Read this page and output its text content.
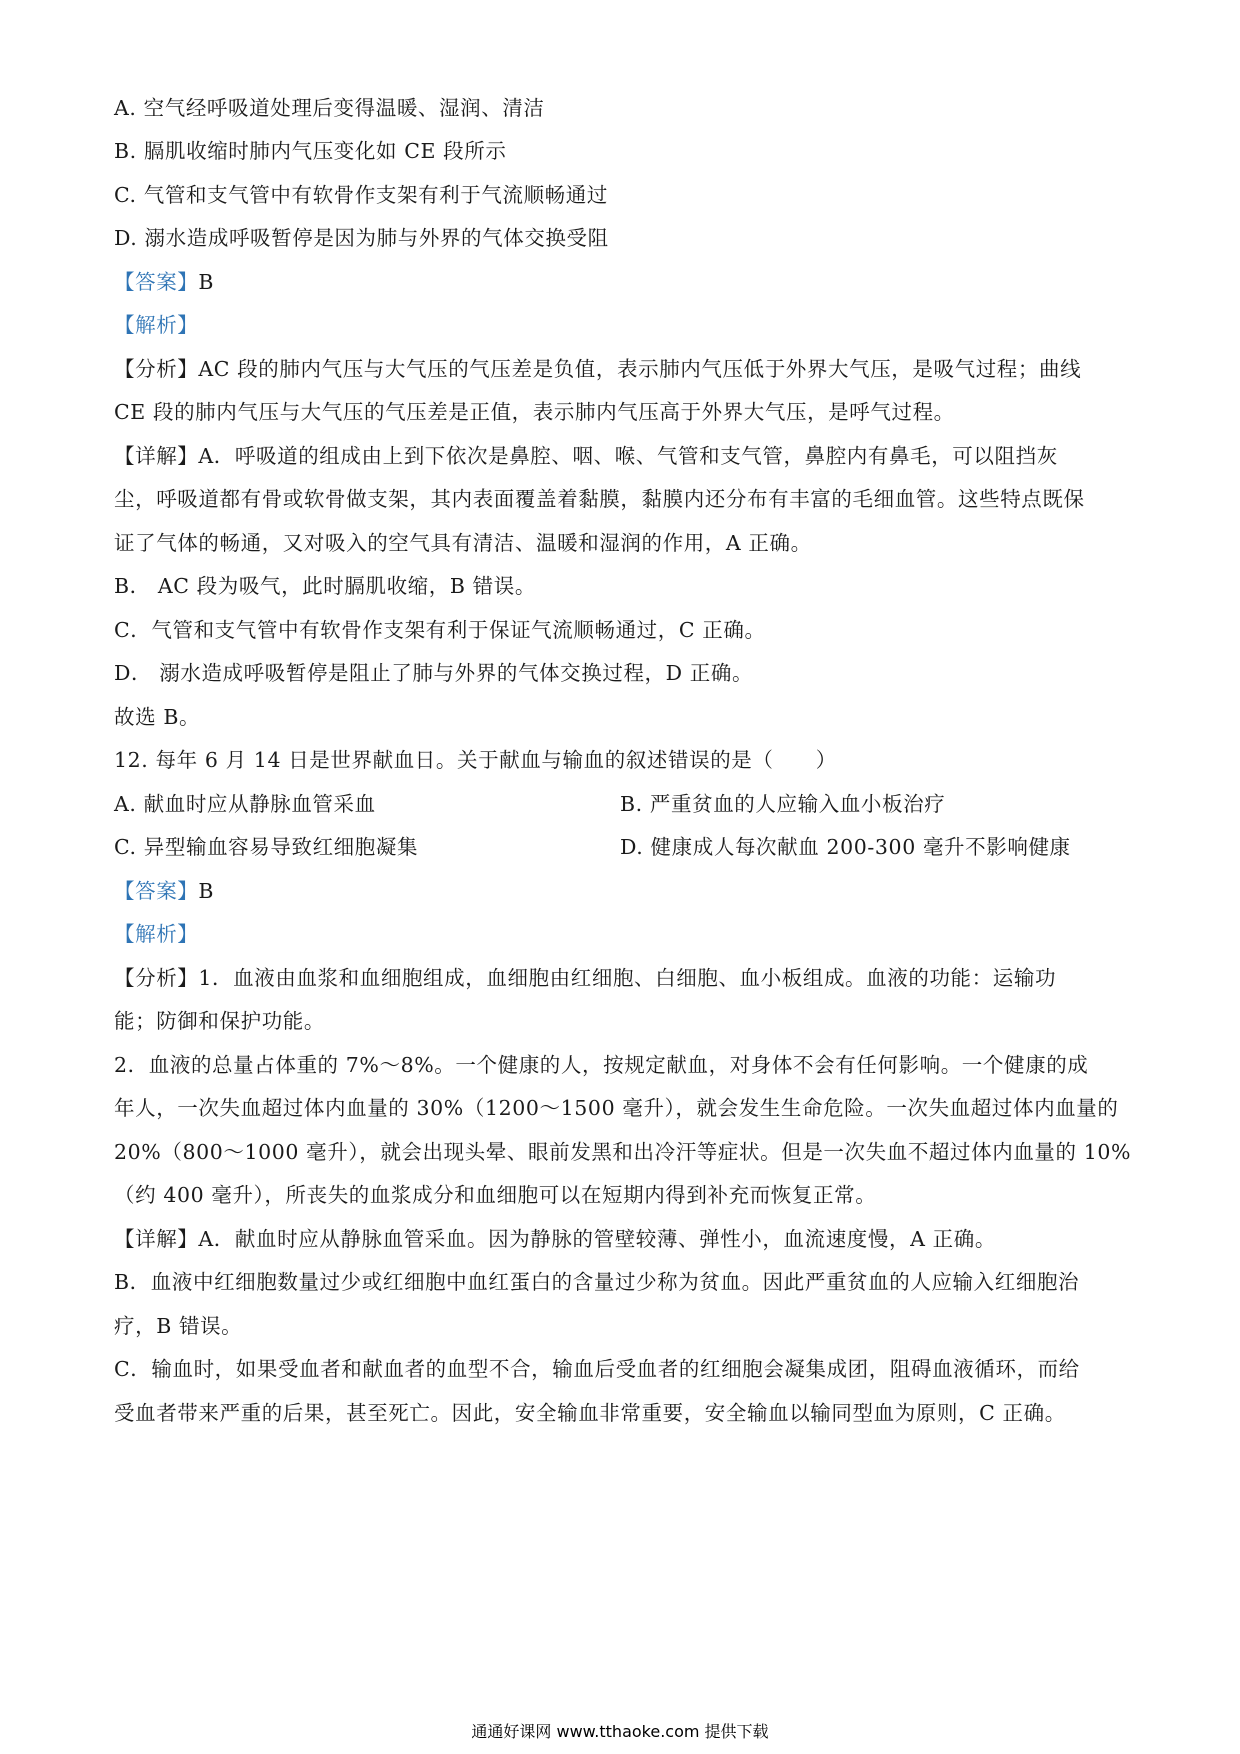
A. 空气经呼吸道处理后变得温暖、湿润、清洁
B. 膈肌收缩时肺内气压变化如 CE 段所示
C. 气管和支气管中有软骨作支架有利于气流顺畅通过
D. 溺水造成呼吸暂停是因为肺与外界的气体交换受阻
【答案】B
【解析】
【分析】AC 段的肺内气压与大气压的气压差是负值，表示肺内气压低于外界大气压，是吸气过程；曲线
CE 段的肺内气压与大气压的气压差是正值，表示肺内气压高于外界大气压，是呼气过程。
【详解】A．呼吸道的组成由上到下依次是鼻腔、咽、喉、气管和支气管，鼻腔内有鼻毛，可以阻挡灰
尘，呼吸道都有骨或软骨做支架，其内表面覆盖着黏膜，黏膜内还分布有丰富的毛细血管。这些特点既保
证了气体的畅通，又对吸入的空气具有清洁、温暖和湿润的作用，A 正确。
B． AC 段为吸气，此时膈肌收缩，B 错误。
C．气管和支气管中有软骨作支架有利于保证气流顺畅通过，C 正确。
D． 溺水造成呼吸暂停是阻止了肺与外界的气体交换过程，D 正确。
故选 B。
12. 每年 6 月 14 日是世界献血日。关于献血与输血的叙述错误的是（　　）
A. 献血时应从静脉血管采血	B. 严重贫血的人应输入血小板治疗
C. 异型输血容易导致红细胞凝集	D. 健康成人每次献血 200-300 毫升不影响健康
【答案】B
【解析】
【分析】1．血液由血浆和血细胞组成，血细胞由红细胞、白细胞、血小板组成。血液的功能：运输功
能；防御和保护功能。
2．血液的总量占体重的 7%～8%。一个健康的人，按规定献血，对身体不会有任何影响。一个健康的成
年人，一次失血超过体内血量的 30%（1200～1500 毫升），就会发生生命危险。一次失血超过体内血量的
20%（800～1000 毫升），就会出现头晕、眼前发黑和出冷汗等症状。但是一次失血不超过体内血量的 10%
（约 400 毫升），所丧失的血浆成分和血细胞可以在短期内得到补充而恢复正常。
【详解】A．献血时应从静脉血管采血。因为静脉的管壁较薄、弹性小，血流速度慢，A 正确。
B．血液中红细胞数量过少或红细胞中血红蛋白的含量过少称为贫血。因此严重贫血的人应输入红细胞治
疗，B 错误。
C．输血时，如果受血者和献血者的血型不合，输血后受血者的红细胞会凝集成团，阻碍血液循环，而给
受血者带来严重的后果，甚至死亡。因此，安全输血非常重要，安全输血以输同型血为原则，C 正确。
通通好课网 www.tthaoke.com 提供下载
